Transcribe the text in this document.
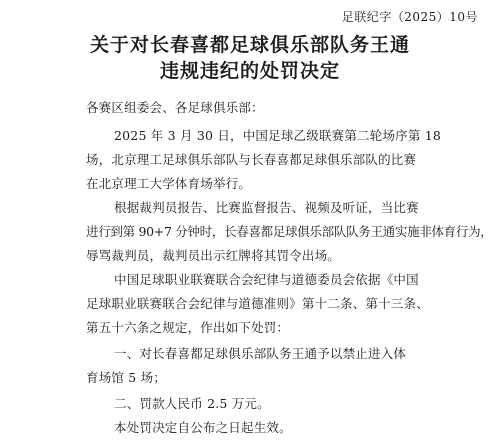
足联纪字（2025）10号
关于对长春喜都足球俱乐部队务王通
违规违纪的处罚决定
各赛区组委会、各足球俱乐部：
2025 年 3 月 30 日，中国足球乙级联赛第二轮场序第 18
场，北京理工足球俱乐部队与长春喜都足球俱乐部队的比赛
在北京理工大学体育场举行。
根据裁判员报告、比赛监督报告、视频及听证，当比赛
进行到第 90+7 分钟时，长春喜都足球俱乐部队队务王通实施非体育行为，
辱骂裁判员，裁判员出示红牌将其罚令出场。
中国足球职业联赛联合会纪律与道德委员会依据《中国
足球职业联赛联合会纪律与道德准则》第十二条、第十三条、
第五十六条之规定，作出如下处罚：
一、对长春喜都足球俱乐部队务王通予以禁止进入体
育场馆 5 场；
二、罚款人民币 2.5 万元。
本处罚决定自公布之日起生效。
